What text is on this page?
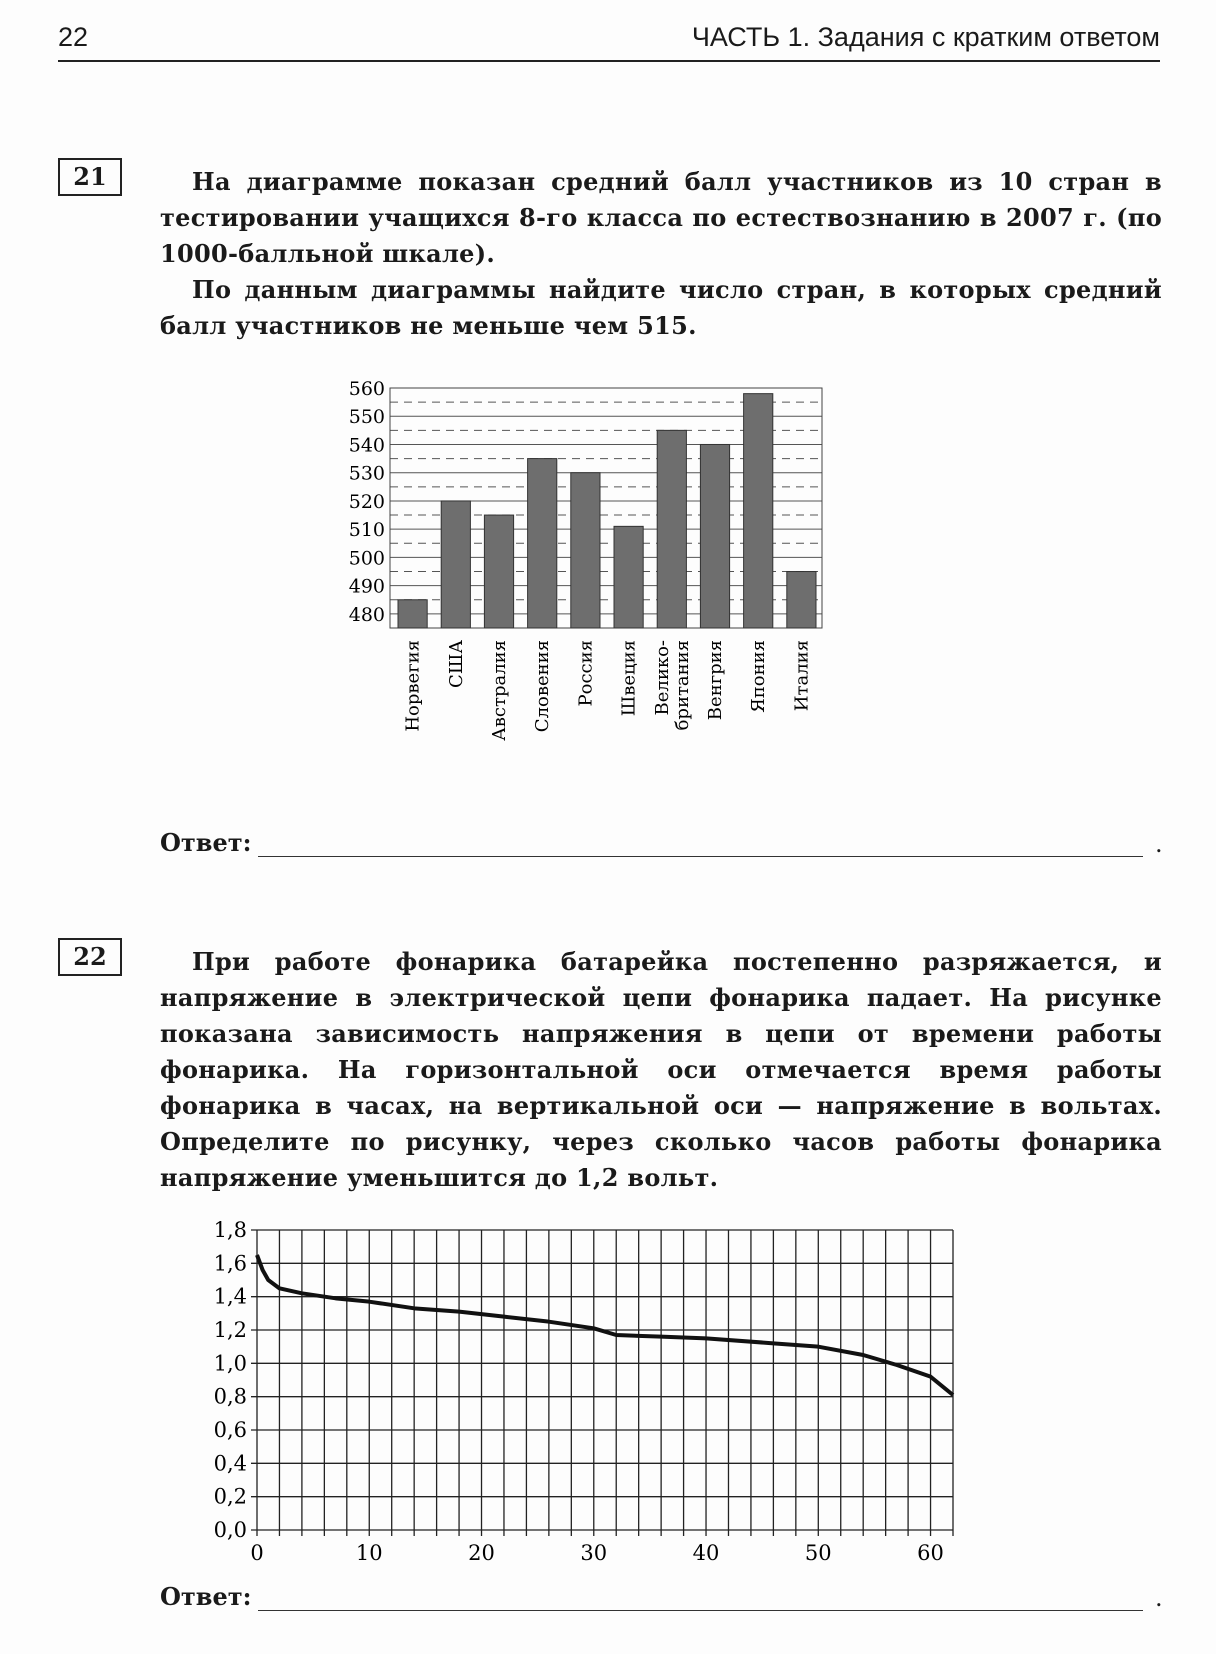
22	ЧАСТЬ 1. Задания с кратким ответом
21	На диаграмме показан средний балл участников из 10 стран в тестировании учащихся 8-го класса по естествознанию в 2007 г. (по 1000-балльной шкале).

По данным диаграммы найдите число стран, в которых средний балл участников не меньше чем 515.

480
490
500
510
520
530
540
550
560
Норвегия США Австралия Словения Россия Швеция Велико- британия Венгрия Япония Италия
Ответ:	.
22	При работе фонарика батарейка постепенно разряжается, и напряжение в электрической цепи фонарика падает. На рисунке показана зависимость напряжения в цепи от времени работы фонарика. На горизонтальной оси отмечается время работы фонарика в часах, на вертикальной оси — напряжение в вольтах. Определите по рисунку, через сколько часов работы фонарика напряжение уменьшится до 1,2 вольт.

0,0
0,2
0,4
0,6
0,8
1,0
1,2
1,4
1,6
1,8
0	10	20	30	40	50	60
Ответ:	.
